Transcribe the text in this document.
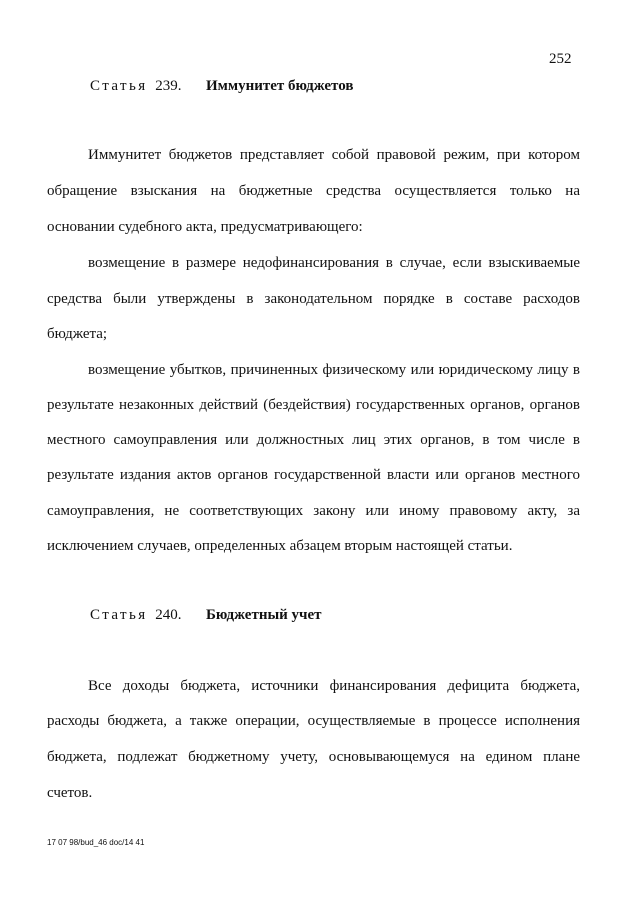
252
Статья 239. Иммунитет бюджетов
Иммунитет бюджетов представляет собой правовой режим, при котором
обращение взыскания на бюджетные средства осуществляется только на
основании судебного акта, предусматривающего:
возмещение в размере недофинансирования в случае, если взыскиваемые
средства были утверждены в законодательном порядке в составе расходов
бюджета;
возмещение убытков, причиненных физическому или юридическому лицу в
результате незаконных действий (бездействия) государственных органов, органов
местного самоуправления или должностных лиц этих органов, в том числе в
результате издания актов органов государственной власти или органов местного
самоуправления, не соответствующих закону или иному правовому акту, за
исключением случаев, определенных абзацем вторым настоящей статьи.
Статья 240. Бюджетный учет
Все доходы бюджета, источники финансирования дефицита бюджета,
расходы бюджета, а также операции, осуществляемые в процессе исполнения
бюджета, подлежат бюджетному учету, основывающемуся на едином плане
счетов.
17 07 98/bud_46 doc/14 41
